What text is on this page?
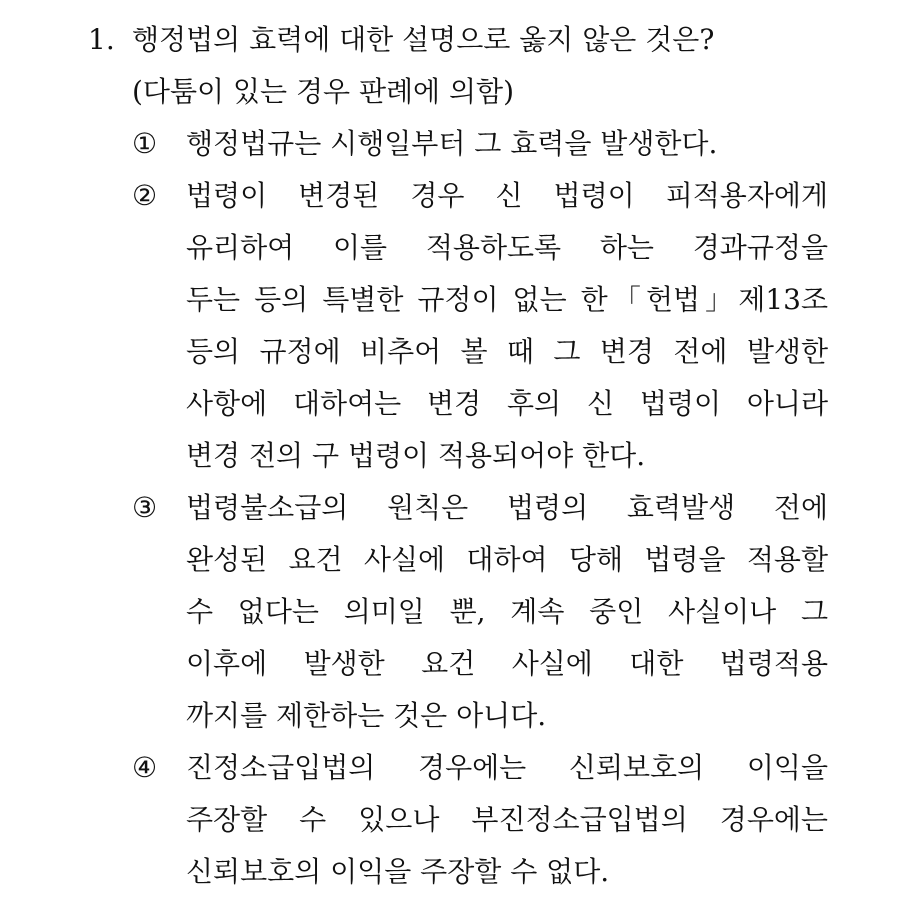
1. 행정법의 효력에 대한 설명으로 옳지 않은 것은?
(다툼이 있는 경우 판례에 의함)
①	행정법규는 시행일부터 그 효력을 발생한다.
②	법령이 변경된 경우 신 법령이 피적용자에게
유리하여 이를 적용하도록 하는 경과규정을
두는 등의 특별한 규정이 없는 한「헌법」제13조
등의 규정에 비추어 볼 때 그 변경 전에 발생한
사항에 대하여는 변경 후의 신 법령이 아니라
변경 전의 구 법령이 적용되어야 한다.
③	법령불소급의 원칙은 법령의 효력발생 전에
완성된 요건 사실에 대하여 당해 법령을 적용할
수 없다는 의미일 뿐, 계속 중인 사실이나 그
이후에 발생한 요건 사실에 대한 법령적용
까지를 제한하는 것은 아니다.
④	진정소급입법의 경우에는 신뢰보호의 이익을
주장할 수 있으나 부진정소급입법의 경우에는
신뢰보호의 이익을 주장할 수 없다.
